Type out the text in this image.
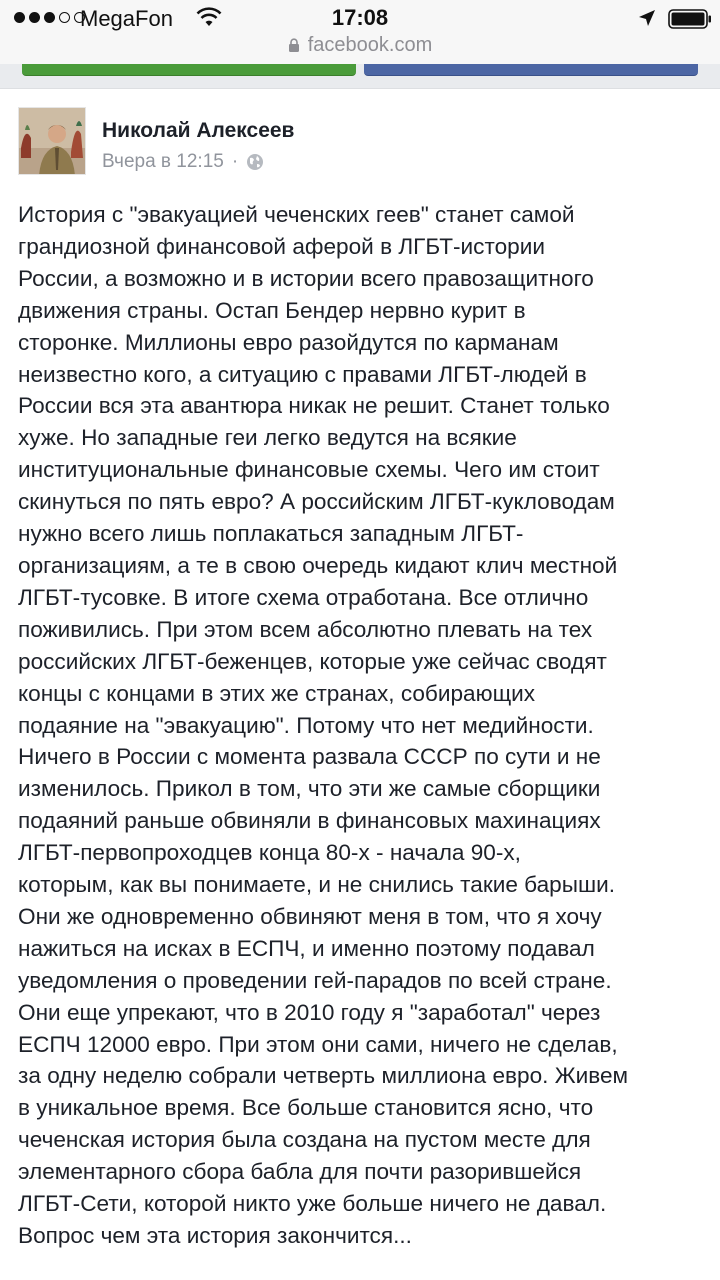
MegaFon	17:08
facebook.com
Николай Алексеев
Вчера в 12:15 ·
История с "эвакуацией чеченских геев" станет самой
грандиозной финансовой аферой в ЛГБТ-истории
России, а возможно и в истории всего правозащитного
движения страны. Остап Бендер нервно курит в
сторонке. Миллионы евро разойдутся по карманам
неизвестно кого, а ситуацию с правами ЛГБТ-людей в
России вся эта авантюра никак не решит. Станет только
хуже. Но западные геи легко ведутся на всякие
институциональные финансовые схемы. Чего им стоит
скинуться по пять евро? А российским ЛГБТ-кукловодам
нужно всего лишь поплакаться западным ЛГБТ-
организациям, а те в свою очередь кидают клич местной
ЛГБТ-тусовке. В итоге схема отработана. Все отлично
поживились. При этом всем абсолютно плевать на тех
российских ЛГБТ-беженцев, которые уже сейчас сводят
концы с концами в этих же странах, собирающих
подаяние на "эвакуацию". Потому что нет медийности.
Ничего в России с момента развала СССР по сути и не
изменилось. Прикол в том, что эти же самые сборщики
подаяний раньше обвиняли в финансовых махинациях
ЛГБТ-первопроходцев конца 80-х - начала 90-х,
которым, как вы понимаете, и не снились такие барыши.
Они же одновременно обвиняют меня в том, что я хочу
нажиться на исках в ЕСПЧ, и именно поэтому подавал
уведомления о проведении гей-парадов по всей стране.
Они еще упрекают, что в 2010 году я "заработал" через
ЕСПЧ 12000 евро. При этом они сами, ничего не сделав,
за одну неделю собрали четверть миллиона евро. Живем
в уникальное время. Все больше становится ясно, что
чеченская история была создана на пустом месте для
элементарного сбора бабла для почти разорившейся
ЛГБТ-Сети, которой никто уже больше ничего не давал.
Вопрос чем эта история закончится...
